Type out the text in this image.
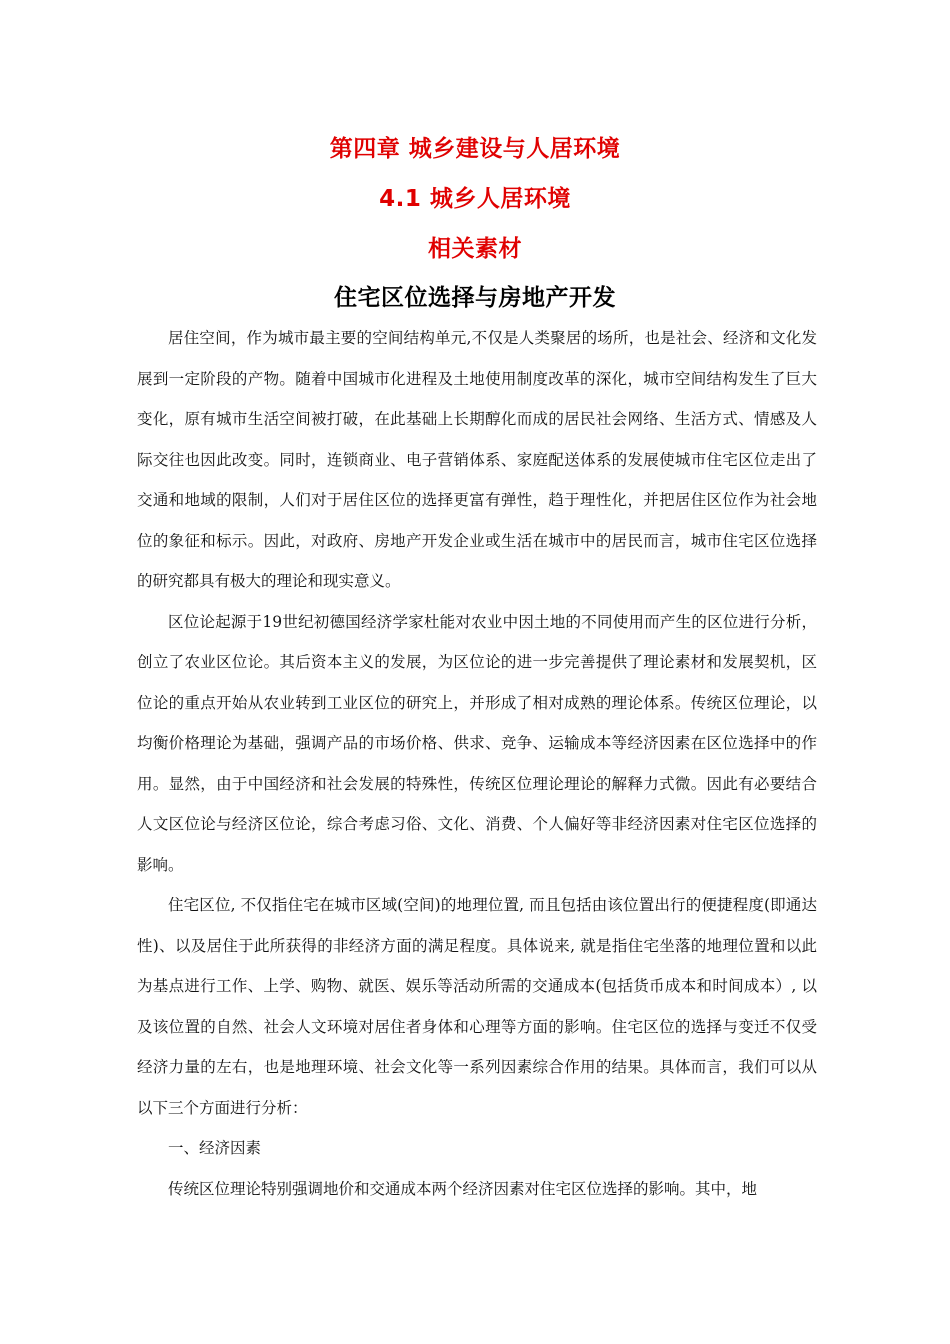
第四章 城乡建设与人居环境

4.1 城乡人居环境

相关素材

住宅区位选择与房地产开发

居住空间，作为城市最主要的空间结构单元,不仅是人类聚居的场所，也是社会、经济和文化发展到一定阶段的产物。随着中国城市化进程及土地使用制度改革的深化，城市空间结构发生了巨大变化，原有城市生活空间被打破，在此基础上长期醇化而成的居民社会网络、生活方式、情感及人际交往也因此改变。同时，连锁商业、电子营销体系、家庭配送体系的发展使城市住宅区位走出了交通和地域的限制，人们对于居住区位的选择更富有弹性，趋于理性化，并把居住区位作为社会地位的象征和标示。因此，对政府、房地产开发企业或生活在城市中的居民而言，城市住宅区位选择的研究都具有极大的理论和现实意义。

区位论起源于19世纪初德国经济学家杜能对农业中因土地的不同使用而产生的区位进行分析，创立了农业区位论。其后资本主义的发展，为区位论的进一步完善提供了理论素材和发展契机，区位论的重点开始从农业转到工业区位的研究上，并形成了相对成熟的理论体系。传统区位理论，以均衡价格理论为基础，强调产品的市场价格、供求、竞争、运输成本等经济因素在区位选择中的作用。显然，由于中国经济和社会发展的特殊性，传统区位理论理论的解释力式微。因此有必要结合人文区位论与经济区位论，综合考虑习俗、文化、消费、个人偏好等非经济因素对住宅区位选择的影响。

住宅区位, 不仅指住宅在城市区域(空间)的地理位置, 而且包括由该位置出行的便捷程度(即通达性)、以及居住于此所获得的非经济方面的满足程度。具体说来, 就是指住宅坐落的地理位置和以此为基点进行工作、上学、购物、就医、娱乐等活动所需的交通成本(包括货币成本和时间成本）, 以及该位置的自然、社会人文环境对居住者身体和心理等方面的影响。住宅区位的选择与变迁不仅受经济力量的左右，也是地理环境、社会文化等一系列因素综合作用的结果。具体而言，我们可以从以下三个方面进行分析：

一、经济因素

传统区位理论特别强调地价和交通成本两个经济因素对住宅区位选择的影响。其中，地
